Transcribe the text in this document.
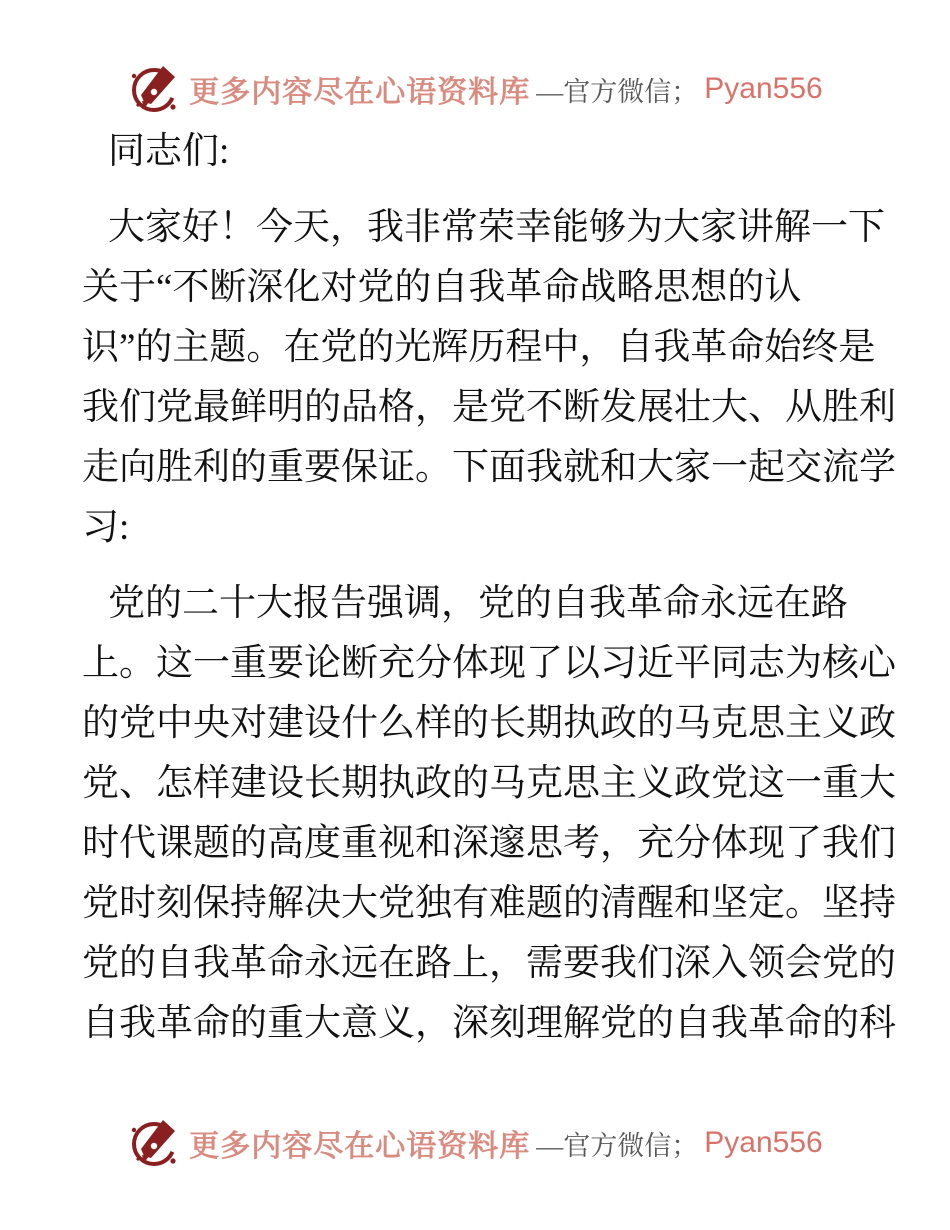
更多内容尽在心语资料库 —官方微信； Pyan556
同志们:
大家好！今天，我非常荣幸能够为大家讲解一下
关于“不断深化对党的自我革命战略思想的认
识”的主题。在党的光辉历程中，自我革命始终是
我们党最鲜明的品格，是党不断发展壮大、从胜利
走向胜利的重要保证。下面我就和大家一起交流学
习:
党的二十大报告强调，党的自我革命永远在路
上。这一重要论断充分体现了以习近平同志为核心
的党中央对建设什么样的长期执政的马克思主义政
党、怎样建设长期执政的马克思主义政党这一重大
时代课题的高度重视和深邃思考，充分体现了我们
党时刻保持解决大党独有难题的清醒和坚定。坚持
党的自我革命永远在路上，需要我们深入领会党的
自我革命的重大意义，深刻理解党的自我革命的科
更多内容尽在心语资料库 —官方微信； Pyan556
